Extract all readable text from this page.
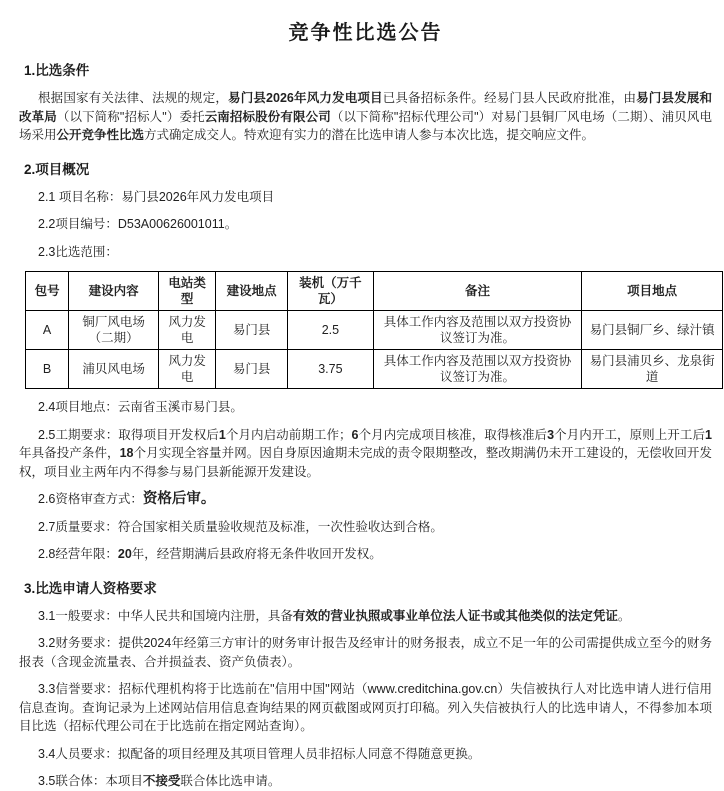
竞争性比选公告
1.比选条件

根据国家有关法律、法规的规定，易门县2026年风力发电项目已具备招标条件。经易门县人民政府批准，由易门县发展和改革局（以下简称"招标人"）委托云南招标股份有限公司（以下简称"招标代理公司"）对易门县铜厂风电场（二期）、浦贝风电场采用公开竞争性比选方式确定成交人。特欢迎有实力的潜在比选申请人参与本次比选，提交响应文件。

2.项目概况

2.1 项目名称：易门县2026年风力发电项目

2.2项目编号：D53A00626001011。

2.3比选范围：

包号	建设内容	电站类型	建设地点	装机（万千瓦）	备注	项目地点
A	铜厂风电场（二期）	风力发电	易门县	2.5	具体工作内容及范围以双方投资协议签订为准。	易门县铜厂乡、绿汁镇
B	浦贝风电场	风力发电	易门县	3.75	具体工作内容及范围以双方投资协议签订为准。	易门县浦贝乡、龙泉街道

2.4项目地点：云南省玉溪市易门县。

2.5工期要求：取得项目开发权后1个月内启动前期工作；6个月内完成项目核准，取得核准后3个月内开工，原则上开工后1年具备投产条件，18个月实现全容量并网。因自身原因逾期未完成的责令限期整改，整改期满仍未开工建设的，无偿收回开发权，项目业主两年内不得参与易门县新能源开发建设。

2.6资格审查方式：资格后审。

2.7质量要求：符合国家相关质量验收规范及标准，一次性验收达到合格。

2.8经营年限：20年，经营期满后县政府将无条件收回开发权。

3.比选申请人资格要求

3.1一般要求：中华人民共和国境内注册，具备有效的营业执照或事业单位法人证书或其他类似的法定凭证。

3.2财务要求：提供2024年经第三方审计的财务审计报告及经审计的财务报表，成立不足一年的公司需提供成立至今的财务报表（含现金流量表、合并损益表、资产负债表）。

3.3信誉要求：招标代理机构将于比选前在"信用中国"网站（www.creditchina.gov.cn）失信被执行人对比选申请人进行信用信息查询。查询记录为上述网站信用信息查询结果的网页截图或网页打印稿。列入失信被执行人的比选申请人，不得参加本项目比选（招标代理公司在于比选前在指定网站查询）。

3.4人员要求：拟配备的项目经理及其项目管理人员非招标人同意不得随意更换。

3.5联合体：本项目不接受联合体比选申请。
